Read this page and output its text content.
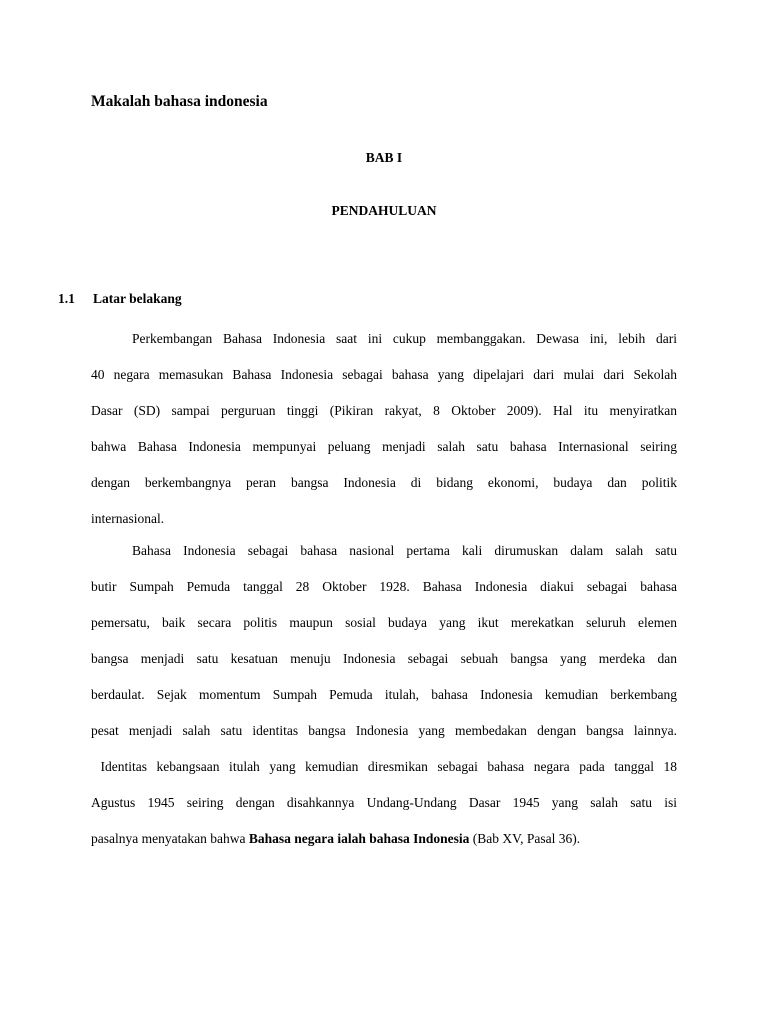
Makalah bahasa indonesia
BAB I
PENDAHULUAN
1.1 Latar belakang
Perkembangan Bahasa Indonesia saat ini cukup membanggakan. Dewasa ini, lebih dari
40 negara memasukan Bahasa Indonesia sebagai bahasa yang dipelajari dari mulai dari Sekolah
Dasar (SD) sampai perguruan tinggi (Pikiran rakyat, 8 Oktober 2009). Hal itu menyiratkan
bahwa Bahasa Indonesia mempunyai peluang menjadi salah satu bahasa Internasional seiring
dengan berkembangnya peran bangsa Indonesia di bidang ekonomi, budaya dan politik
internasional.
Bahasa Indonesia sebagai bahasa nasional pertama kali dirumuskan dalam salah satu
butir Sumpah Pemuda tanggal 28 Oktober 1928. Bahasa Indonesia diakui sebagai bahasa
pemersatu, baik secara politis maupun sosial budaya yang ikut merekatkan seluruh elemen
bangsa menjadi satu kesatuan menuju Indonesia sebagai sebuah bangsa yang merdeka dan
berdaulat. Sejak momentum Sumpah Pemuda itulah, bahasa Indonesia kemudian berkembang
pesat menjadi salah satu identitas bangsa Indonesia yang membedakan dengan bangsa lainnya.
Identitas kebangsaan itulah yang kemudian diresmikan sebagai bahasa negara pada tanggal 18
Agustus 1945 seiring dengan disahkannya Undang-Undang Dasar 1945 yang salah satu isi
pasalnya menyatakan bahwa Bahasa negara ialah bahasa Indonesia (Bab XV, Pasal 36).
